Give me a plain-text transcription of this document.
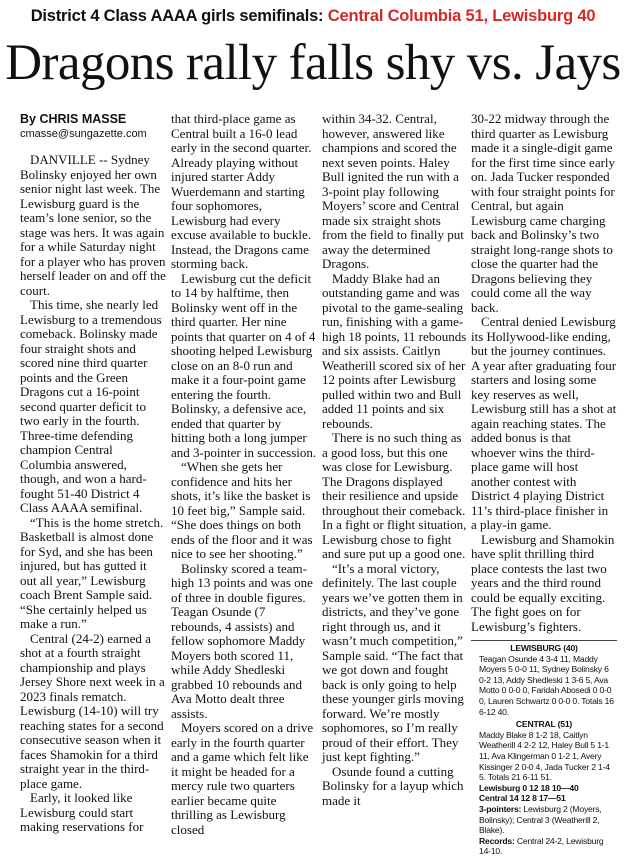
District 4 Class AAAA girls semifinals: Central Columbia 51, Lewisburg 40
Dragons rally falls shy vs. Jays

By CHRIS MASSE

cmasse@sungazette.com

DANVILLE -- Sydney Bolinsky enjoyed her own senior night last week. The Lewisburg guard is the team’s lone senior, so the stage was hers. It was again for a while Saturday night for a player who has proven herself leader on and off the court.

This time, she nearly led Lewisburg to a tremendous comeback. Bolinsky made four straight shots and scored nine third quarter points and the Green Dragons cut a 16-point second quarter deficit to two early in the fourth. Three-time defending champion Central Columbia answered, though, and won a hard-fought 51-40 District 4 Class AAAA semifinal.

“This is the home stretch. Basketball is almost done for Syd, and she has been injured, but has gutted it out all year,” Lewisburg coach Brent Sample said. “She certainly helped us make a run.”

Central (24-2) earned a shot at a fourth straight championship and plays Jersey Shore next week in a 2023 finals rematch. Lewisburg (14-10) will try reaching states for a second consecutive season when it faces Shamokin for a third straight year in the third-place game.

Early, it looked like Lewisburg could start making reservations for

that third-place game as Central built a 16-0 lead early in the second quarter. Already playing without injured starter Addy Wuerdemann and starting four sophomores, Lewisburg had every excuse available to buckle. Instead, the Dragons came storming back.

Lewisburg cut the deficit to 14 by halftime, then Bolinsky went off in the third quarter. Her nine points that quarter on 4 of 4 shooting helped Lewisburg close on an 8-0 run and make it a four-point game entering the fourth. Bolinsky, a defensive ace, ended that quarter by hitting both a long jumper and 3-pointer in succession.

“When she gets her confidence and hits her shots, it’s like the basket is 10 feet big,” Sample said. “She does things on both ends of the floor and it was nice to see her shooting.”

Bolinsky scored a team-high 13 points and was one of three in double figures. Teagan Osunde (7 rebounds, 4 assists) and fellow sophomore Maddy Moyers both scored 11, while Addy Shedleski grabbed 10 rebounds and Ava Motto dealt three assists.

Moyers scored on a drive early in the fourth quarter and a game which felt like it might be headed for a mercy rule two quarters earlier became quite thrilling as Lewisburg closed

within 34-32. Central, however, answered like champions and scored the next seven points. Haley Bull ignited the run with a 3-point play following Moyers’ score and Central made six straight shots from the field to finally put away the determined Dragons.

Maddy Blake had an outstanding game and was pivotal to the game-sealing run, finishing with a game-high 18 points, 11 rebounds and six assists. Caitlyn Weatherill scored six of her 12 points after Lewisburg pulled within two and Bull added 11 points and six rebounds.

There is no such thing as a good loss, but this one was close for Lewisburg. The Dragons displayed their resilience and upside throughout their comeback. In a fight or flight situation, Lewisburg chose to fight and sure put up a good one.

“It’s a moral victory, definitely. The last couple years we’ve gotten them in districts, and they’ve gone right through us, and it wasn’t much competition,” Sample said. “The fact that we got down and fought back is only going to help these younger girls moving forward. We’re mostly sophomores, so I’m really proud of their effort. They just kept fighting.”

Osunde found a cutting Bolinsky for a layup which made it

30-22 midway through the third quarter as Lewisburg made it a single-digit game for the first time since early on. Jada Tucker responded with four straight points for Central, but again Lewisburg came charging back and Bolinsky’s two straight long-range shots to close the quarter had the Dragons believing they could come all the way back.

Central denied Lewisburg its Hollywood-like ending, but the journey continues. A year after graduating four starters and losing some key reserves as well, Lewisburg still has a shot at again reaching states. The added bonus is that whoever wins the third-place game will host another contest with District 4 playing District 11’s third-place finisher in a play-in game.

Lewisburg and Shamokin have split thrilling third place contests the last two years and the third round could be equally exciting. The fight goes on for Lewisburg’s fighters.

LEWISBURG (40)
Teagan Osunde 4 3-4 11, Maddy Moyers 5 0-0 11, Sydney Bolinsky 6 0-2 13, Addy Shedleski 1 3-6 5, Ava Motto 0 0-0 0, Faridah Abosedi 0 0-0 0, Lauren Schwartz 0 0-0 0. Totals 16 6-12 40.
CENTRAL (51)
Maddy Blake 8 1-2 18, Caitlyn Weatherill 4 2-2 12, Haley Bull 5 1-1 11, Ava Klingerman 0 1-2 1, Avery Kissinger 2 0-0 4, Jada Tucker 2 1-4 5. Totals 21 6-11 51.
Lewisburg 0 12 18 10—40
Central 14 12 8 17—51
3-pointers: Lewisburg 2 (Moyers, Bolinsky); Central 3 (Weatherill 2, Blake).
Records: Central 24-2, Lewisburg 14-10.
